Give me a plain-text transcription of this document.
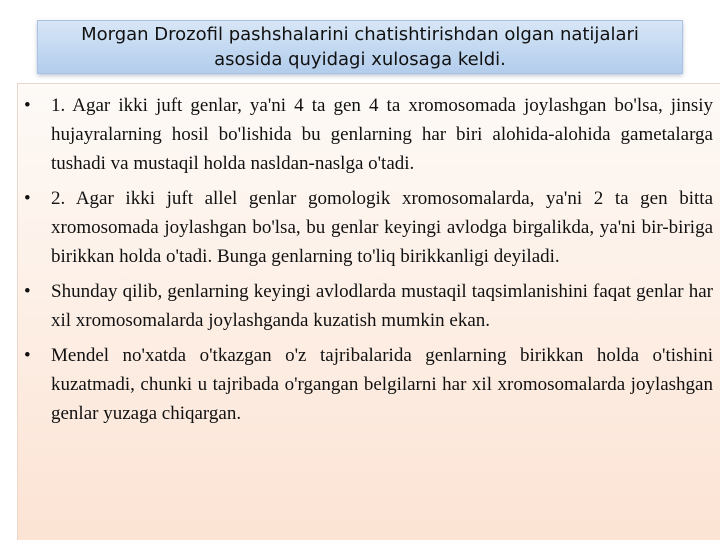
Morgan Drozofil pashshalarini chatishtirishdan olgan natijalari asosida quyidagi xulosaga keldi.

•	1. Agar ikki juft genlar, ya'ni 4 ta gen 4 ta xromosomada joylashgan bo'lsa, jinsiy hujayralarning hosil bo'lishida bu genlarning har biri alohida-alohida gametalarga tushadi va mustaqil holda nasldan-naslga o'tadi.
•	2. Agar ikki juft allel genlar gomologik xromosomalarda, ya'ni 2 ta gen bitta xromosomada joylashgan bo'lsa, bu genlar keyingi avlodga birgalikda, ya'ni bir-biriga birikkan holda o'tadi. Bunga genlarning to'liq birikkanligi deyiladi.
•	Shunday qilib, genlarning keyingi avlodlarda mustaqil taqsimlanishini faqat genlar har xil xromosomalarda joylashganda kuzatish mumkin ekan.
•	Mendel no'xatda o'tkazgan o'z tajribalarida genlarning birikkan holda o'tishini kuzatmadi, chunki u tajribada o'rgangan belgilarni har xil xromosomalarda joylashgan genlar yuzaga chiqargan.
